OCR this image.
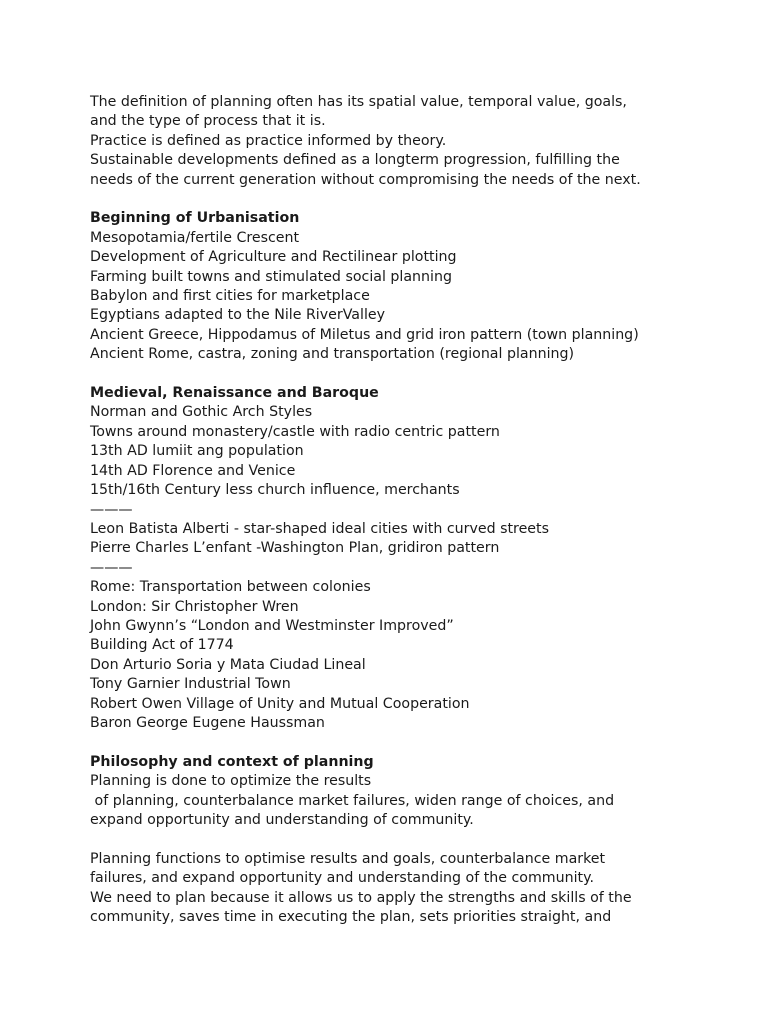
The definition of planning often has its spatial value, temporal value, goals,
and the type of process that it is.
Practice is defined as practice informed by theory.
Sustainable developments defined as a longterm progression, fulfilling the
needs of the current generation without compromising the needs of the next.
Beginning of Urbanisation
Mesopotamia/fertile Crescent
Development of Agriculture and Rectilinear plotting
Farming built towns and stimulated social planning
Babylon and first cities for marketplace
Egyptians adapted to the Nile RiverValley
Ancient Greece, Hippodamus of Miletus and grid iron pattern (town planning)
Ancient Rome, castra, zoning and transportation (regional planning)
Medieval, Renaissance and Baroque
Norman and Gothic Arch Styles
Towns around monastery/castle with radio centric pattern
13th AD lumiit ang population
14th AD Florence and Venice
15th/16th Century less church influence, merchants
———
Leon Batista Alberti - star-shaped ideal cities with curved streets
Pierre Charles L’enfant -Washington Plan, gridiron pattern
———
Rome: Transportation between colonies
London: Sir Christopher Wren
John Gwynn’s “London and Westminster Improved”
Building Act of 1774
Don Arturio Soria y Mata Ciudad Lineal
Tony Garnier Industrial Town
Robert Owen Village of Unity and Mutual Cooperation
Baron George Eugene Haussman
Philosophy and context of planning
Planning is done to optimize the results
of planning, counterbalance market failures, widen range of choices, and
expand opportunity and understanding of community.
Planning functions to optimise results and goals, counterbalance market
failures, and expand opportunity and understanding of the community.
We need to plan because it allows us to apply the strengths and skills of the
community, saves time in executing the plan, sets priorities straight, and
